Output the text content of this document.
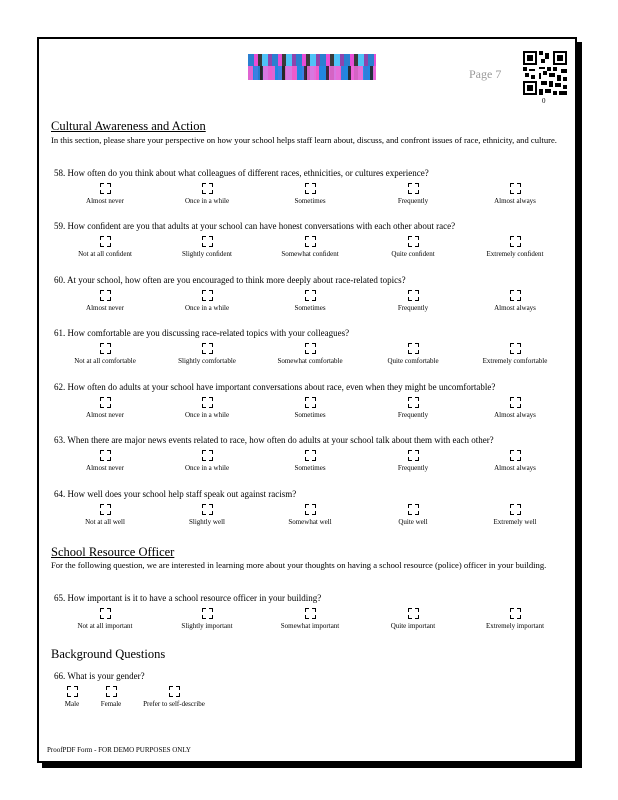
Page 7
0
Cultural Awareness and Action
In this section, please share your perspective on how your school helps staff learn about, discuss, and confront issues of race, ethnicity, and culture.
School Resource Officer
For the following question, we are interested in learning more about your thoughts on having a school resource (police) officer in your building.
Background Questions
58. How often do you think about what colleagues of different races, ethnicities, or cultures experience?
Almost never	Once in a while	Sometimes	Frequently	Almost always
59. How conﬁdent are you that adults at your school can have honest conversations with each other about race?
Not at all conﬁdent	Slightly conﬁdent	Somewhat conﬁdent	Quite conﬁdent	Extremely conﬁdent
60. At your school, how often are you encouraged to think more deeply about race-related topics?
Almost never	Once in a while	Sometimes	Frequently	Almost always
61. How comfortable are you discussing race-related topics with your colleagues?
Not at all comfortable	Slightly comfortable	Somewhat comfortable	Quite comfortable	Extremely comfortable
62. How often do adults at your school have important conversations about race, even when they might be uncomfortable?
Almost never	Once in a while	Sometimes	Frequently	Almost always
63. When there are major news events related to race, how often do adults at your school talk about them with each other?
Almost never	Once in a while	Sometimes	Frequently	Almost always
64. How well does your school help staff speak out against racism?
Not at all well	Slightly well	Somewhat well	Quite well	Extremely well
65. How important is it to have a school resource officer in your building?
Not at all important	Slightly important	Somewhat important	Quite important	Extremely important
66. What is your gender?
Male	Female	Prefer to self-describe
ProofPDF Form - FOR DEMO PURPOSES ONLY
